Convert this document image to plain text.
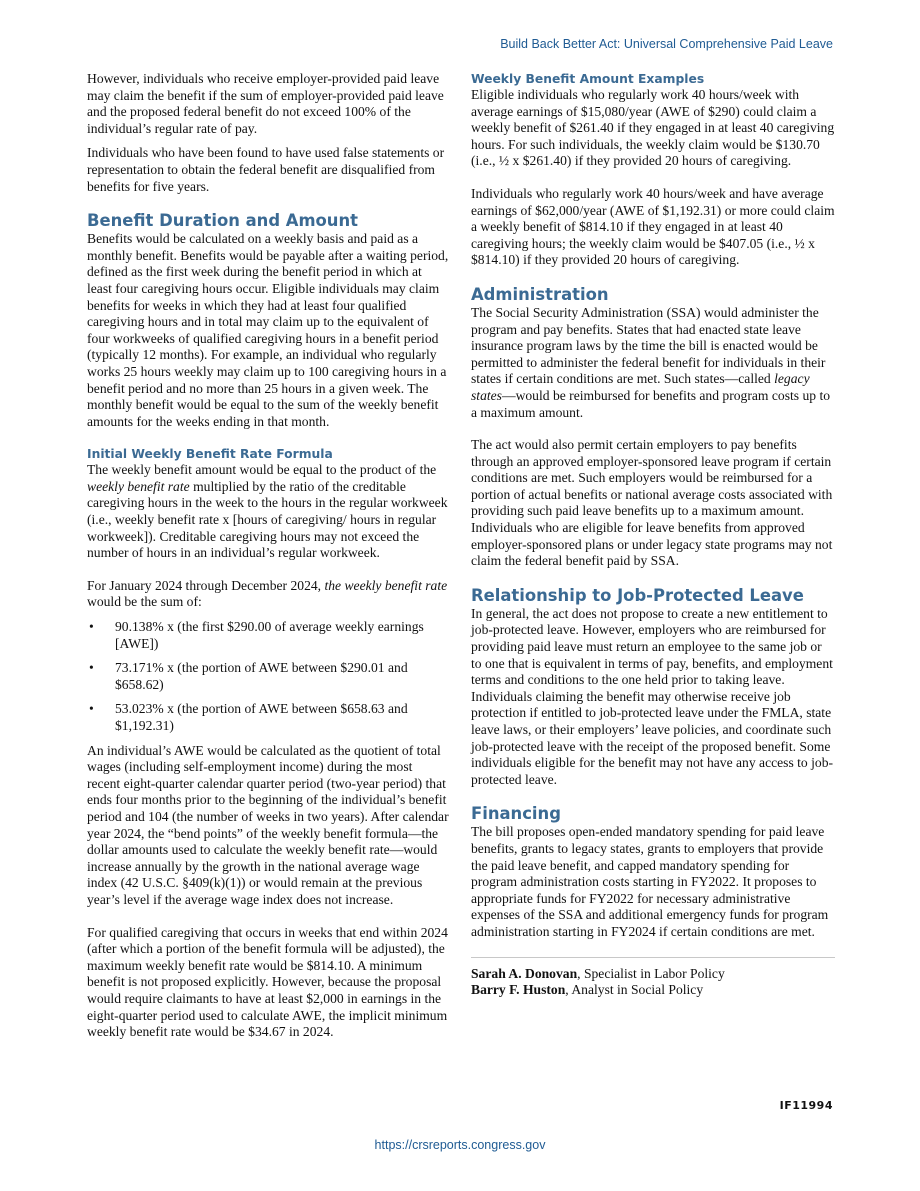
Build Back Better Act: Universal Comprehensive Paid Leave

However, individuals who receive employer-provided paid leave may claim the benefit if the sum of employer-provided paid leave and the proposed federal benefit do not exceed 100% of the individual’s regular rate of pay.

Individuals who have been found to have used false statements or representation to obtain the federal benefit are disqualified from benefits for five years.

Benefit Duration and Amount

Benefits would be calculated on a weekly basis and paid as a monthly benefit. Benefits would be payable after a waiting period, defined as the first week during the benefit period in which at least four caregiving hours occur. Eligible individuals may claim benefits for weeks in which they had at least four qualified caregiving hours and in total may claim up to the equivalent of four workweeks of qualified caregiving hours in a benefit period (typically 12 months). For example, an individual who regularly works 25 hours weekly may claim up to 100 caregiving hours in a benefit period and no more than 25 hours in a given week. The monthly benefit would be equal to the sum of the weekly benefit amounts for the weeks ending in that month.

Initial Weekly Benefit Rate Formula

The weekly benefit amount would be equal to the product of the weekly benefit rate multiplied by the ratio of the creditable caregiving hours in the week to the hours in the regular workweek (i.e., weekly benefit rate x [hours of caregiving/ hours in regular workweek]). Creditable caregiving hours may not exceed the number of hours in an individual’s regular workweek.

For January 2024 through December 2024, the weekly benefit rate would be the sum of:

• 90.138% x (the first $290.00 of average weekly earnings [AWE])
• 73.171% x (the portion of AWE between $290.01 and $658.62)
• 53.023% x (the portion of AWE between $658.63 and $1,192.31)

An individual’s AWE would be calculated as the quotient of total wages (including self-employment income) during the most recent eight-quarter calendar quarter period (two-year period) that ends four months prior to the beginning of the individual’s benefit period and 104 (the number of weeks in two years). After calendar year 2024, the “bend points” of the weekly benefit formula—the dollar amounts used to calculate the weekly benefit rate—would increase annually by the growth in the national average wage index (42 U.S.C. §409(k)(1)) or would remain at the previous year’s level if the average wage index does not increase.

For qualified caregiving that occurs in weeks that end within 2024 (after which a portion of the benefit formula will be adjusted), the maximum weekly benefit rate would be $814.10. A minimum benefit is not proposed explicitly. However, because the proposal would require claimants to have at least $2,000 in earnings in the eight-quarter period used to calculate AWE, the implicit minimum weekly benefit rate would be $34.67 in 2024.

Weekly Benefit Amount Examples

Eligible individuals who regularly work 40 hours/week with average earnings of $15,080/year (AWE of $290) could claim a weekly benefit of $261.40 if they engaged in at least 40 caregiving hours. For such individuals, the weekly claim would be $130.70 (i.e., ½ x $261.40) if they provided 20 hours of caregiving.

Individuals who regularly work 40 hours/week and have average earnings of $62,000/year (AWE of $1,192.31) or more could claim a weekly benefit of $814.10 if they engaged in at least 40 caregiving hours; the weekly claim would be $407.05 (i.e., ½ x $814.10) if they provided 20 hours of caregiving.

Administration

The Social Security Administration (SSA) would administer the program and pay benefits. States that had enacted state leave insurance program laws by the time the bill is enacted would be permitted to administer the federal benefit for individuals in their states if certain conditions are met. Such states—called legacy states—would be reimbursed for benefits and program costs up to a maximum amount.

The act would also permit certain employers to pay benefits through an approved employer-sponsored leave program if certain conditions are met. Such employers would be reimbursed for a portion of actual benefits or national average costs associated with providing such paid leave benefits up to a maximum amount. Individuals who are eligible for leave benefits from approved employer-sponsored plans or under legacy state programs may not claim the federal benefit paid by SSA.

Relationship to Job-Protected Leave

In general, the act does not propose to create a new entitlement to job-protected leave. However, employers who are reimbursed for providing paid leave must return an employee to the same job or to one that is equivalent in terms of pay, benefits, and employment terms and conditions to the one held prior to taking leave. Individuals claiming the benefit may otherwise receive job protection if entitled to job-protected leave under the FMLA, state leave laws, or their employers’ leave policies, and coordinate such job-protected leave with the receipt of the proposed benefit. Some individuals eligible for the benefit may not have any access to job-protected leave.

Financing

The bill proposes open-ended mandatory spending for paid leave benefits, grants to legacy states, grants to employers that provide the paid leave benefit, and capped mandatory spending for program administration costs starting in FY2022. It proposes to appropriate funds for FY2022 for necessary administrative expenses of the SSA and additional emergency funds for program administration starting in FY2024 if certain conditions are met.

Sarah A. Donovan, Specialist in Labor Policy

Barry F. Huston, Analyst in Social Policy

IF11994
https://crsreports.congress.gov
